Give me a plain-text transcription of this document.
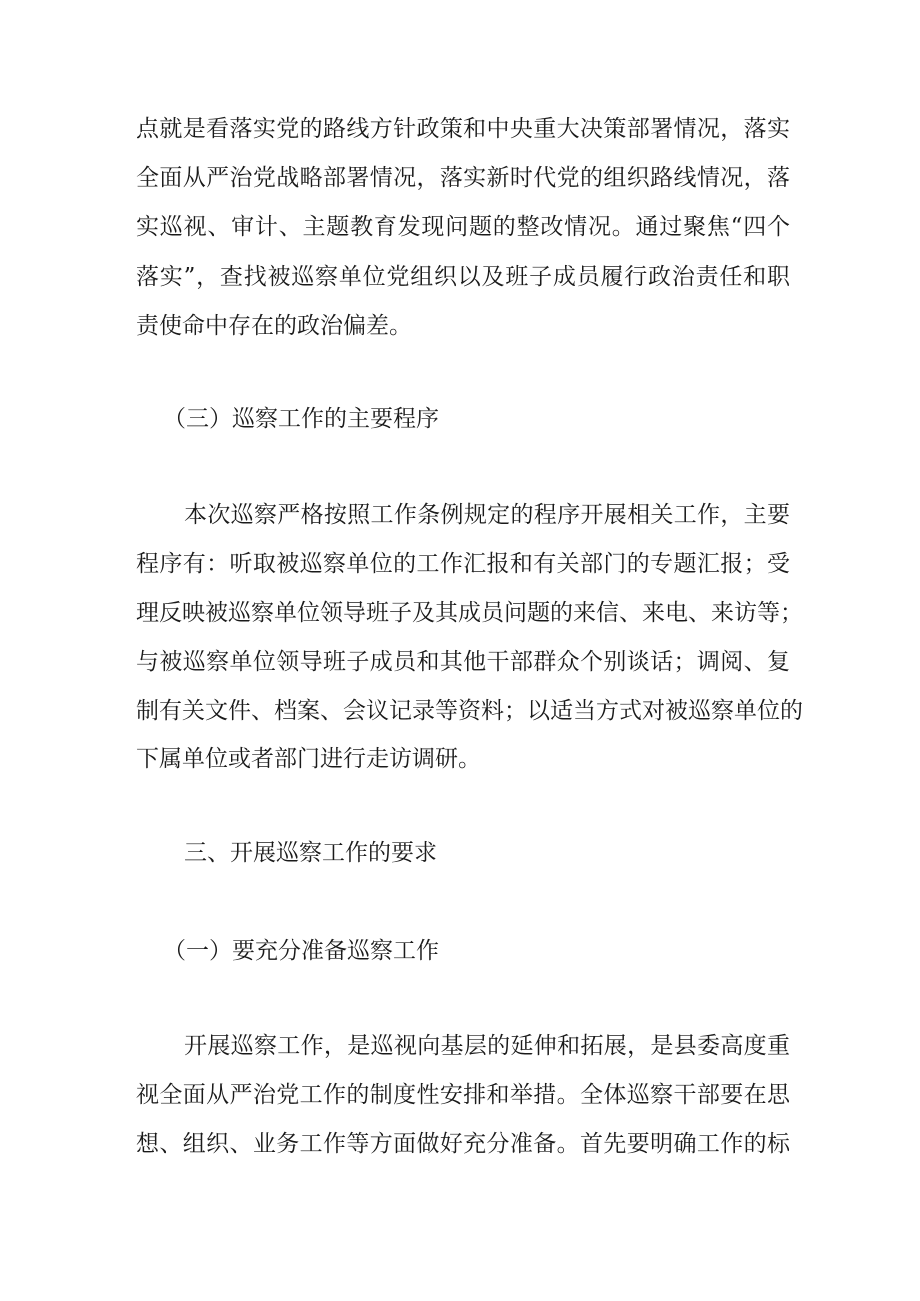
点就是看落实党的路线方针政策和中央重大决策部署情况，落实
全面从严治党战略部署情况，落实新时代党的组织路线情况，落
实巡视、审计、主题教育发现问题的整改情况。通过聚焦“四个
落实”，查找被巡察单位党组织以及班子成员履行政治责任和职
责使命中存在的政治偏差。
（三）巡察工作的主要程序
本次巡察严格按照工作条例规定的程序开展相关工作，主要
程序有：听取被巡察单位的工作汇报和有关部门的专题汇报；受
理反映被巡察单位领导班子及其成员问题的来信、来电、来访等；
与被巡察单位领导班子成员和其他干部群众个别谈话；调阅、复
制有关文件、档案、会议记录等资料；以适当方式对被巡察单位的
下属单位或者部门进行走访调研。
三、开展巡察工作的要求
（一）要充分准备巡察工作
开展巡察工作，是巡视向基层的延伸和拓展，是县委高度重
视全面从严治党工作的制度性安排和举措。全体巡察干部要在思
想、组织、业务工作等方面做好充分准备。首先要明确工作的标
